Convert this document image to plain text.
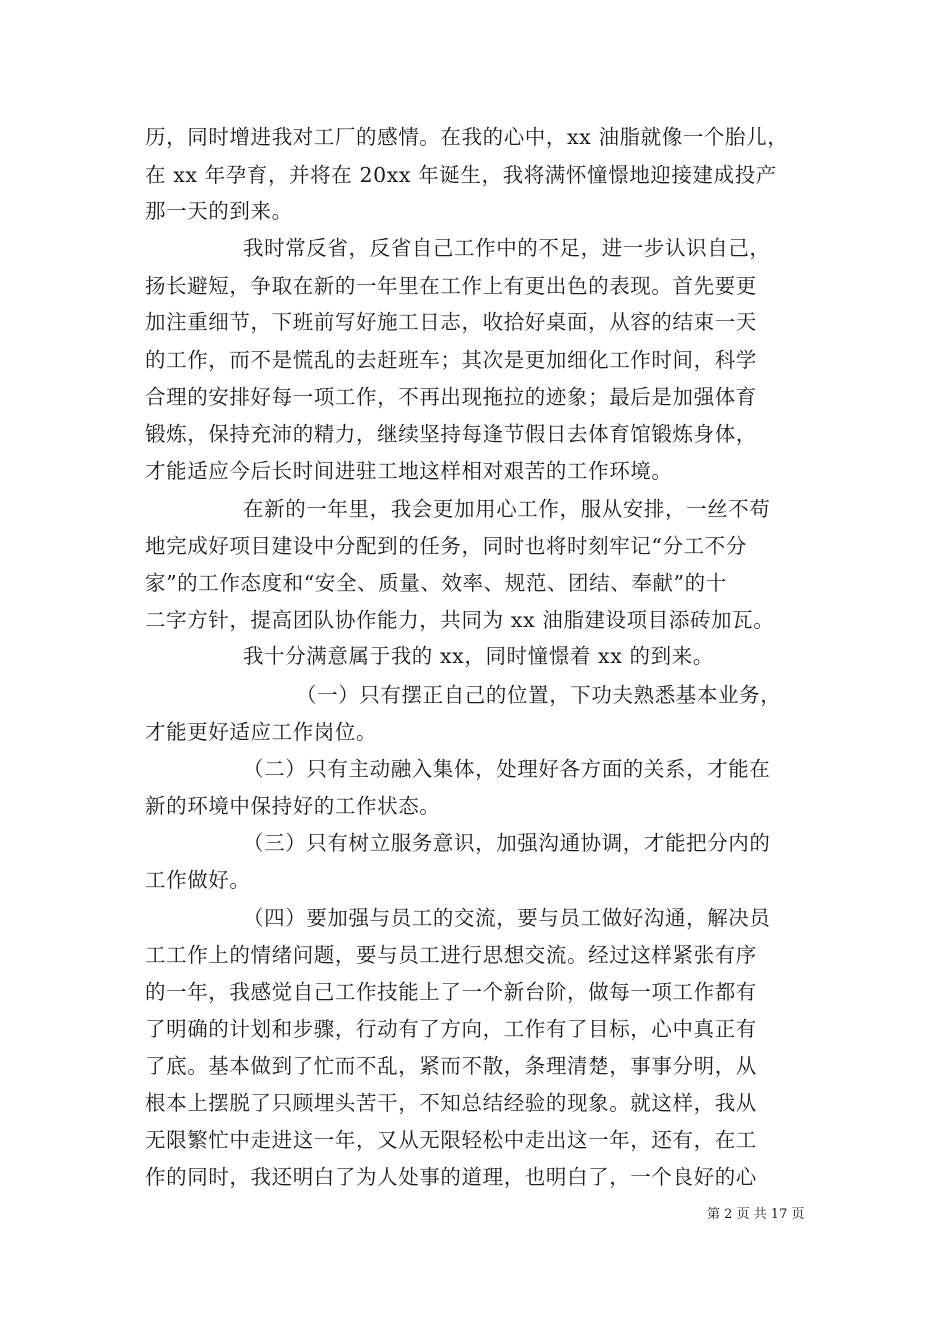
历，同时增进我对工厂的感情。在我的心中，xx 油脂就像一个胎儿，
在 xx 年孕育，并将在 20xx 年诞生，我将满怀憧憬地迎接建成投产
那一天的到来。
我时常反省，反省自己工作中的不足，进一步认识自己，
扬长避短，争取在新的一年里在工作上有更出色的表现。首先要更
加注重细节，下班前写好施工日志，收拾好桌面，从容的结束一天
的工作，而不是慌乱的去赶班车；其次是更加细化工作时间，科学
合理的安排好每一项工作，不再出现拖拉的迹象；最后是加强体育
锻炼，保持充沛的精力，继续坚持每逢节假日去体育馆锻炼身体，
才能适应今后长时间进驻工地这样相对艰苦的工作环境。
在新的一年里，我会更加用心工作，服从安排，一丝不苟
地完成好项目建设中分配到的任务，同时也将时刻牢记“分工不分
家”的工作态度和“安全、质量、效率、规范、团结、奉献”的十
二字方针，提高团队协作能力，共同为 xx 油脂建设项目添砖加瓦。
我十分满意属于我的 xx，同时憧憬着 xx 的到来。
（一）只有摆正自己的位置，下功夫熟悉基本业务，
才能更好适应工作岗位。
（二）只有主动融入集体，处理好各方面的关系，才能在
新的环境中保持好的工作状态。
（三）只有树立服务意识，加强沟通协调，才能把分内的
工作做好。
（四）要加强与员工的交流，要与员工做好沟通，解决员
工工作上的情绪问题，要与员工进行思想交流。经过这样紧张有序
的一年，我感觉自己工作技能上了一个新台阶，做每一项工作都有
了明确的计划和步骤，行动有了方向，工作有了目标，心中真正有
了底。基本做到了忙而不乱，紧而不散，条理清楚，事事分明，从
根本上摆脱了只顾埋头苦干，不知总结经验的现象。就这样，我从
无限繁忙中走进这一年，又从无限轻松中走出这一年，还有，在工
作的同时，我还明白了为人处事的道理，也明白了，一个良好的心
第 2 页 共 17 页
